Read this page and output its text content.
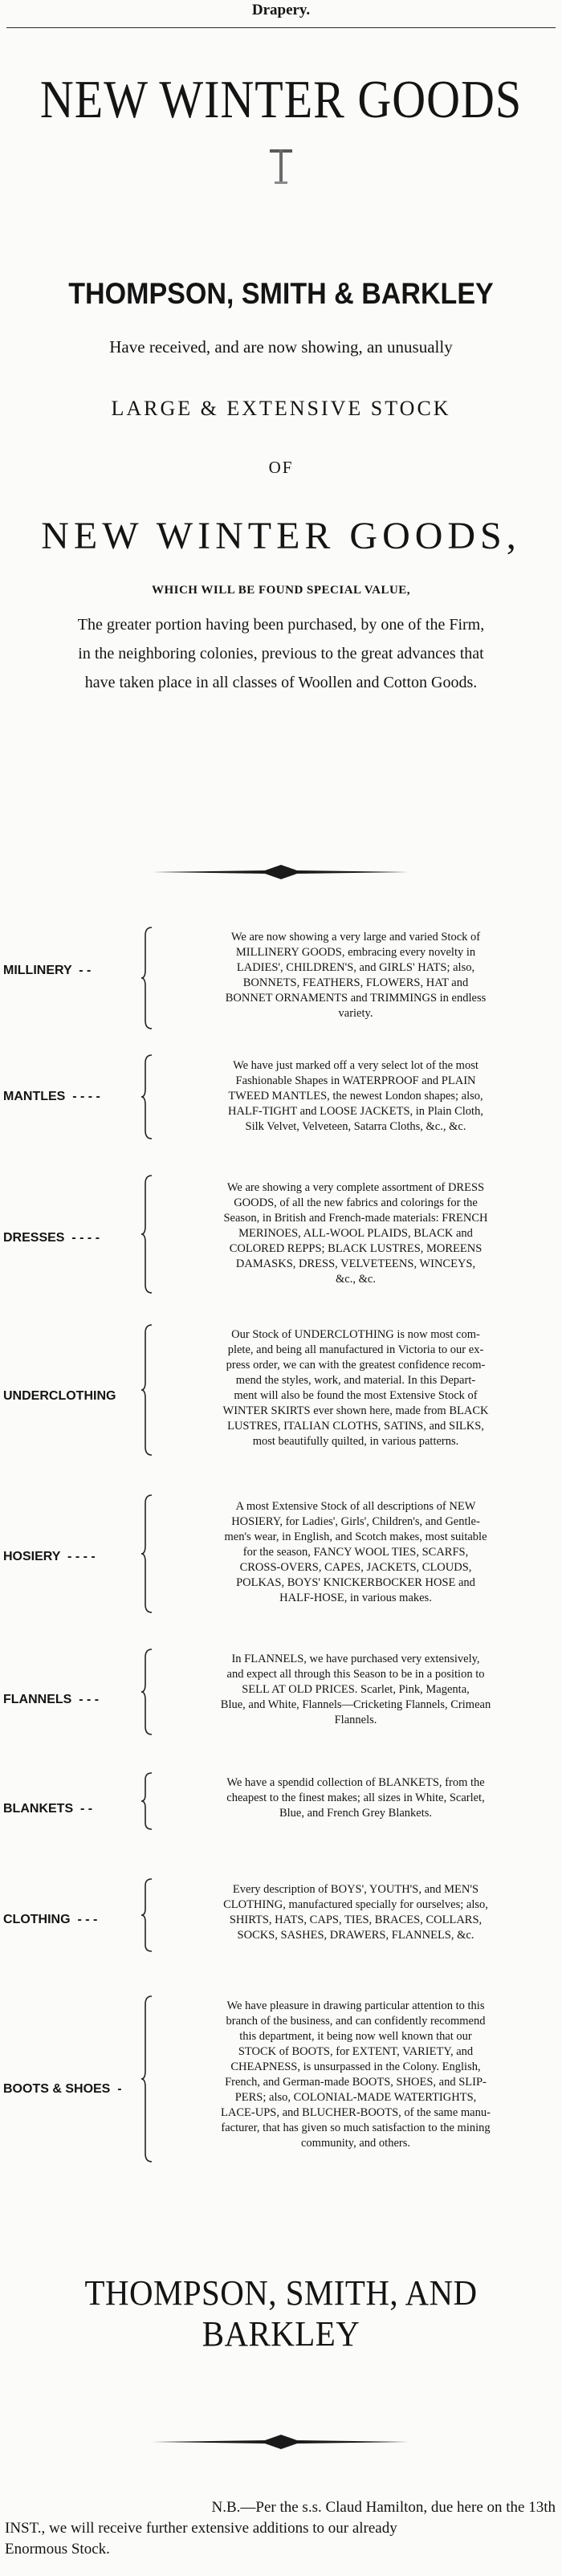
Drapery.
NEW WINTER GOODS
THOMPSON, SMITH & BARKLEY
Have received, and are now showing, an unusually
LARGE & EXTENSIVE STOCK
OF
NEW WINTER GOODS,
WHICH WILL BE FOUND SPECIAL VALUE,
The greater portion having been purchased, by one of the Firm,
in the neighboring colonies, previous to the great advances that
have taken place in all classes of Woollen and Cotton Goods.
MILLINERY  - -
We are now showing a very large and varied Stock of
MILLINERY GOODS, embracing every novelty in
LADIES', CHILDREN'S, and GIRLS' HATS; also,
BONNETS, FEATHERS, FLOWERS, HAT and
BONNET ORNAMENTS and TRIMMINGS in endless
variety.
MANTLES  - - - -
We have just marked off a very select lot of the most
Fashionable Shapes in WATERPROOF and PLAIN
TWEED MANTLES, the newest London shapes; also,
HALF-TIGHT and LOOSE JACKETS, in Plain Cloth,
Silk Velvet, Velveteen, Satarra Cloths, &c., &c.
DRESSES  - - - -
We are showing a very complete assortment of DRESS
GOODS, of all the new fabrics and colorings for the
Season, in British and French-made materials: FRENCH
MERINOES, ALL-WOOL PLAIDS, BLACK and
COLORED REPPS; BLACK LUSTRES, MOREENS
DAMASKS, DRESS, VELVETEENS, WINCEYS,
&c., &c.
UNDERCLOTHING
Our Stock of UNDERCLOTHING is now most com-
plete, and being all manufactured in Victoria to our ex-
press order, we can with the greatest confidence recom-
mend the styles, work, and material. In this Depart-
ment will also be found the most Extensive Stock of
WINTER SKIRTS ever shown here, made from BLACK
LUSTRES, ITALIAN CLOTHS, SATINS, and SILKS,
most beautifully quilted, in various patterns.
HOSIERY  - - - -
A most Extensive Stock of all descriptions of NEW
HOSIERY, for Ladies', Girls', Children's, and Gentle-
men's wear, in English, and Scotch makes, most suitable
for the season, FANCY WOOL TIES, SCARFS,
CROSS-OVERS, CAPES, JACKETS, CLOUDS,
POLKAS, BOYS' KNICKERBOCKER HOSE and
HALF-HOSE, in various makes.
FLANNELS  - - -
In FLANNELS, we have purchased very extensively,
and expect all through this Season to be in a position to
SELL AT OLD PRICES. Scarlet, Pink, Magenta,
Blue, and White, Flannels—Cricketing Flannels, Crimean
Flannels.
BLANKETS  - -
We have a spendid collection of BLANKETS, from the
cheapest to the finest makes; all sizes in White, Scarlet,
Blue, and French Grey Blankets.
CLOTHING  - - -
Every description of BOYS', YOUTH'S, and MEN'S
CLOTHING, manufactured specially for ourselves; also,
SHIRTS, HATS, CAPS, TIES, BRACES, COLLARS,
SOCKS, SASHES, DRAWERS, FLANNELS, &c.
BOOTS & SHOES  -
We have pleasure in drawing particular attention to this
branch of the business, and can confidently recommend
this department, it being now well known that our
STOCK of BOOTS, for EXTENT, VARIETY, and
CHEAPNESS, is unsurpassed in the Colony. English,
French, and German-made BOOTS, SHOES, and SLIP-
PERS; also, COLONIAL-MADE WATERTIGHTS,
LACE-UPS, and BLUCHER-BOOTS, of the same manu-
facturer, that has given so much satisfaction to the mining
community, and others.
THOMPSON, SMITH, AND BARKLEY
N.B.—Per the s.s. Claud Hamilton, due here on the 13th
INST., we will receive further extensive additions to our already
Enormous Stock.
